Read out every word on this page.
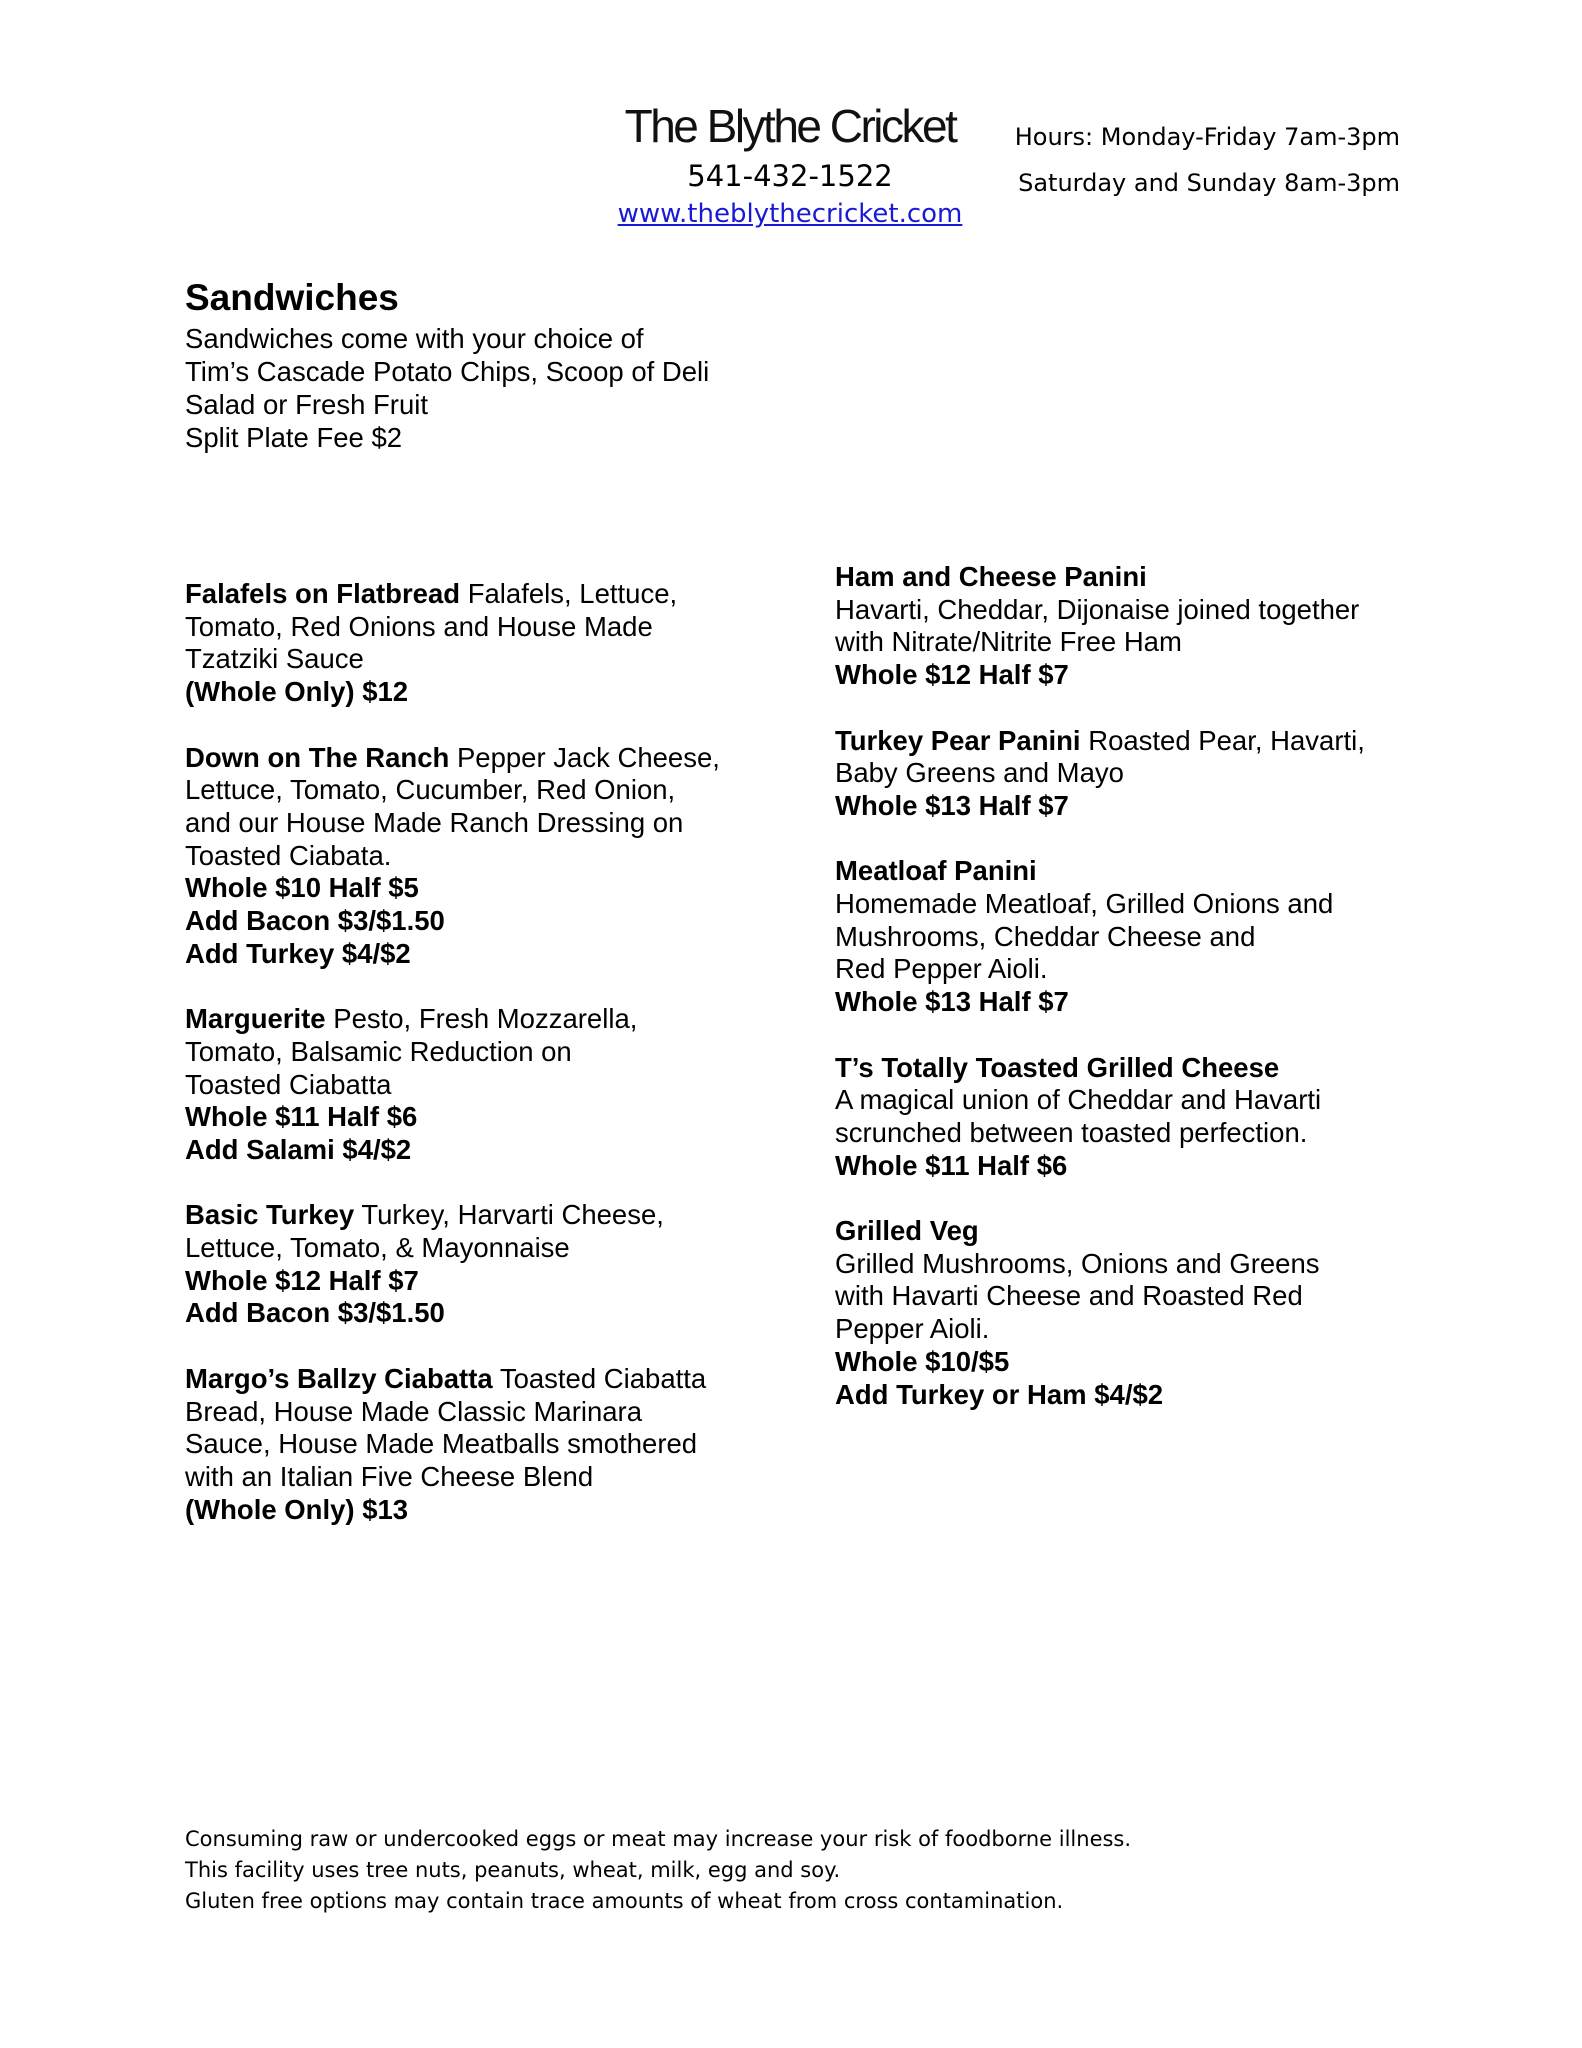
The Blythe Cricket
541-432-1522
www.theblythecricket.com
Hours: Monday-Friday 7am-3pm
Saturday and Sunday 8am-3pm
Sandwiches
Sandwiches come with your choice of
Tim’s Cascade Potato Chips, Scoop of Deli
Salad or Fresh Fruit
Split Plate Fee $2
Falafels on Flatbread Falafels, Lettuce,
Tomato, Red Onions and House Made
Tzatziki Sauce
(Whole Only) $12
Down on The Ranch Pepper Jack Cheese,
Lettuce, Tomato, Cucumber, Red Onion,
and our House Made Ranch Dressing on
Toasted Ciabata.
Whole $10 Half $5
Add Bacon $3/$1.50
Add Turkey $4/$2
Marguerite Pesto, Fresh Mozzarella,
Tomato, Balsamic Reduction on
Toasted Ciabatta
Whole $11 Half $6
Add Salami $4/$2
Basic Turkey Turkey, Harvarti Cheese,
Lettuce, Tomato, & Mayonnaise
Whole $12 Half $7
Add Bacon $3/$1.50
Margo’s Ballzy Ciabatta Toasted Ciabatta
Bread, House Made Classic Marinara
Sauce, House Made Meatballs smothered
with an Italian Five Cheese Blend
(Whole Only) $13
Ham and Cheese Panini
Havarti, Cheddar, Dijonaise joined together
with Nitrate/Nitrite Free Ham
Whole $12 Half $7
Turkey Pear Panini Roasted Pear, Havarti,
Baby Greens and Mayo
Whole $13 Half $7
Meatloaf Panini
Homemade Meatloaf, Grilled Onions and
Mushrooms, Cheddar Cheese and
Red Pepper Aioli.
Whole $13 Half $7
T’s Totally Toasted Grilled Cheese
A magical union of Cheddar and Havarti
scrunched between toasted perfection.
Whole $11 Half $6
Grilled Veg
Grilled Mushrooms, Onions and Greens
with Havarti Cheese and Roasted Red
Pepper Aioli.
Whole $10/$5
Add Turkey or Ham $4/$2
Consuming raw or undercooked eggs or meat may increase your risk of foodborne illness.
This facility uses tree nuts, peanuts, wheat, milk, egg and soy.
Gluten free options may contain trace amounts of wheat from cross contamination.
